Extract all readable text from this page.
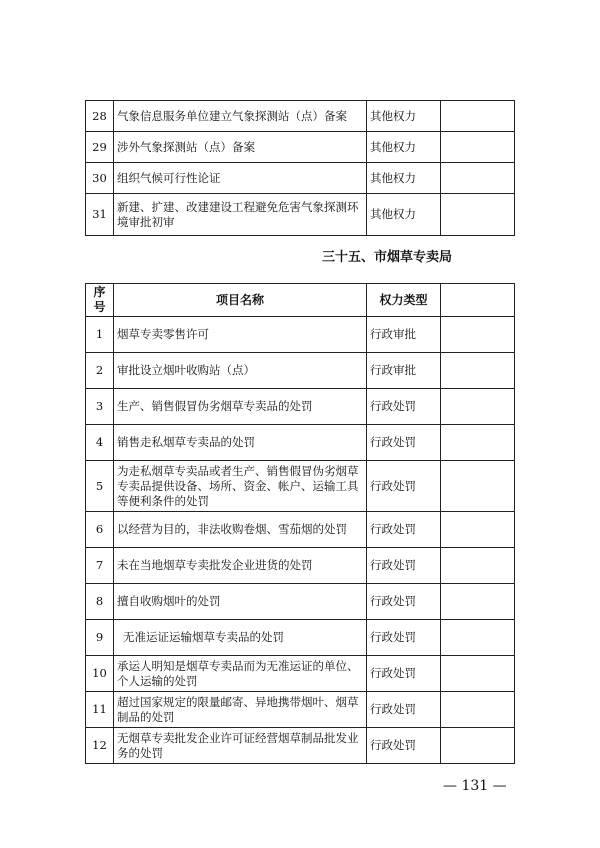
28	气象信息服务单位建立气象探测站（点）备案	其他权力	
29	涉外气象探测站（点）备案	其他权力	
30	组织气候可行性论证	其他权力	
31	新建、扩建、改建建设工程避免危害气象探测环境审批初审	其他权力	
三十五、市烟草专卖局
序号	项目名称	权力类型	
1	烟草专卖零售许可	行政审批	
2	审批设立烟叶收购站（点）	行政审批	
3	生产、销售假冒伪劣烟草专卖品的处罚	行政处罚	
4	销售走私烟草专卖品的处罚	行政处罚	
5	为走私烟草专卖品或者生产、销售假冒伪劣烟草专卖品提供设备、场所、资金、帐户、运输工具等便利条件的处罚	行政处罚	
6	以经营为目的，非法收购卷烟、雪茄烟的处罚	行政处罚	
7	未在当地烟草专卖批发企业进货的处罚	行政处罚	
8	擅自收购烟叶的处罚	行政处罚	
9	无准运证运输烟草专卖品的处罚	行政处罚	
10	承运人明知是烟草专卖品而为无准运证的单位、个人运输的处罚	行政处罚	
11	超过国家规定的限量邮寄、异地携带烟叶、烟草制品的处罚	行政处罚	
12	无烟草专卖批发企业许可证经营烟草制品批发业务的处罚	行政处罚	
— 131 —
